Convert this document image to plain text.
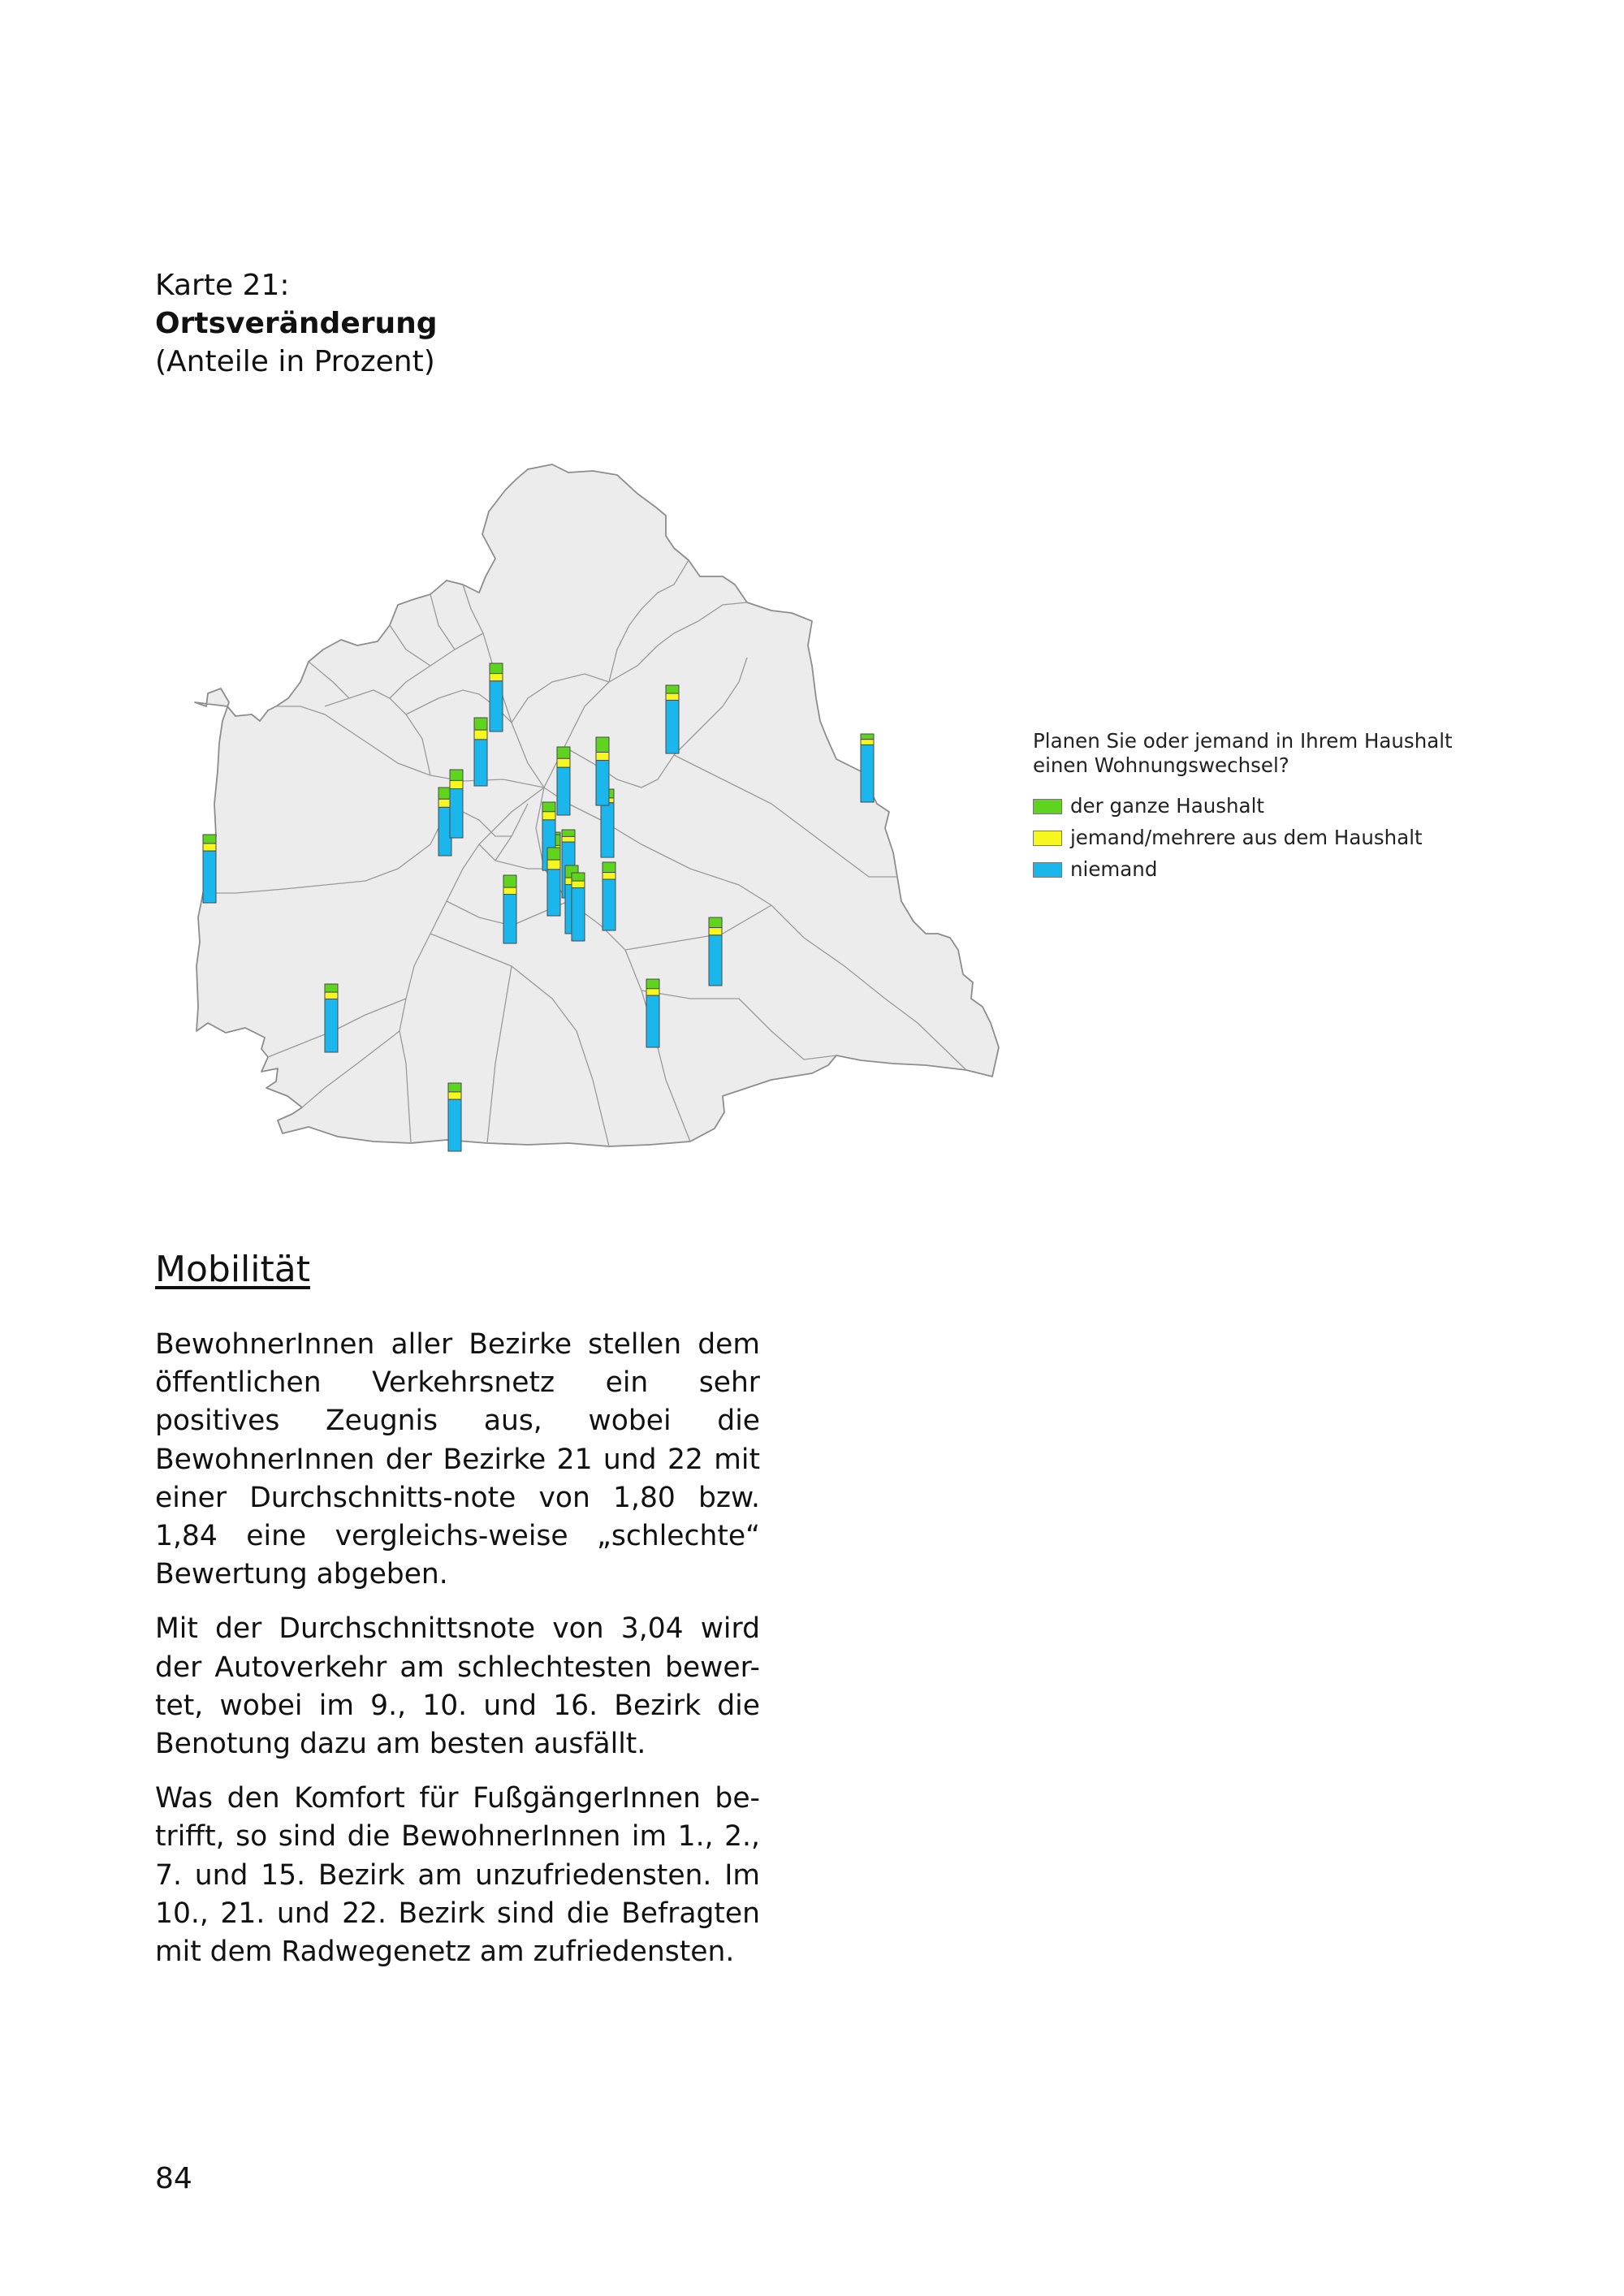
Karte 21:
Ortsveränderung
(Anteile in Prozent)
Planen Sie oder jemand in Ihrem Haushalt einen Wohnungswechsel?
der ganze Haushalt
jemand/mehrere aus dem Haushalt
niemand
Mobilität

BewohnerInnen aller Bezirke stellen dem öffentlichen Verkehrsnetz ein sehr positives Zeugnis aus, wobei die BewohnerInnen der Bezirke 21 und 22 mit einer Durchschnitts-note von 1,80 bzw. 1,84 eine vergleichs-weise „schlechte“ Bewertung abgeben.

Mit der Durchschnittsnote von 3,04 wird der Autoverkehr am schlechtesten bewer-tet, wobei im 9., 10. und 16. Bezirk die Benotung dazu am besten ausfällt.

Was den Komfort für FußgängerInnen be-trifft, so sind die BewohnerInnen im 1., 2., 7. und 15. Bezirk am unzufriedensten. Im 10., 21. und 22. Bezirk sind die Befragten mit dem Radwegenetz am zufriedensten.

84
